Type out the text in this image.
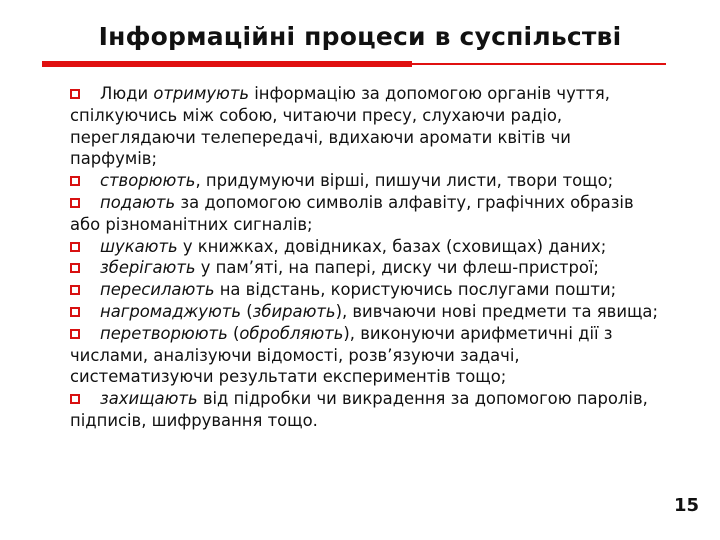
Інформаційні процеси в суспільстві

Люди отримують інформацію за допомогою органів чуття, спілкуючись між собою, читаючи пресу, слухаючи радіо, переглядаючи телепередачі, вдихаючи аромати квітів чи парфумів;

створюють, придумуючи вірші, пишучи листи, твори тощо;

подають за допомогою символів алфавіту, графічних образів або різноманітних сигналів;

шукають у книжках, довідниках, базах (сховищах) даних;

зберігають у пам’яті, на папері, диску чи флеш-пристрої;

пересилають на відстань, користуючись послугами пошти;

нагромаджують (збирають), вивчаючи нові предмети та явища;

перетворюють (обробляють), виконуючи арифметичні дії з числами, аналізуючи відомості, розв’язуючи задачі, систематизуючи результати експериментів тощо;

захищають від підробки чи викрадення за допомогою паролів, підписів, шифрування тощо.

15
